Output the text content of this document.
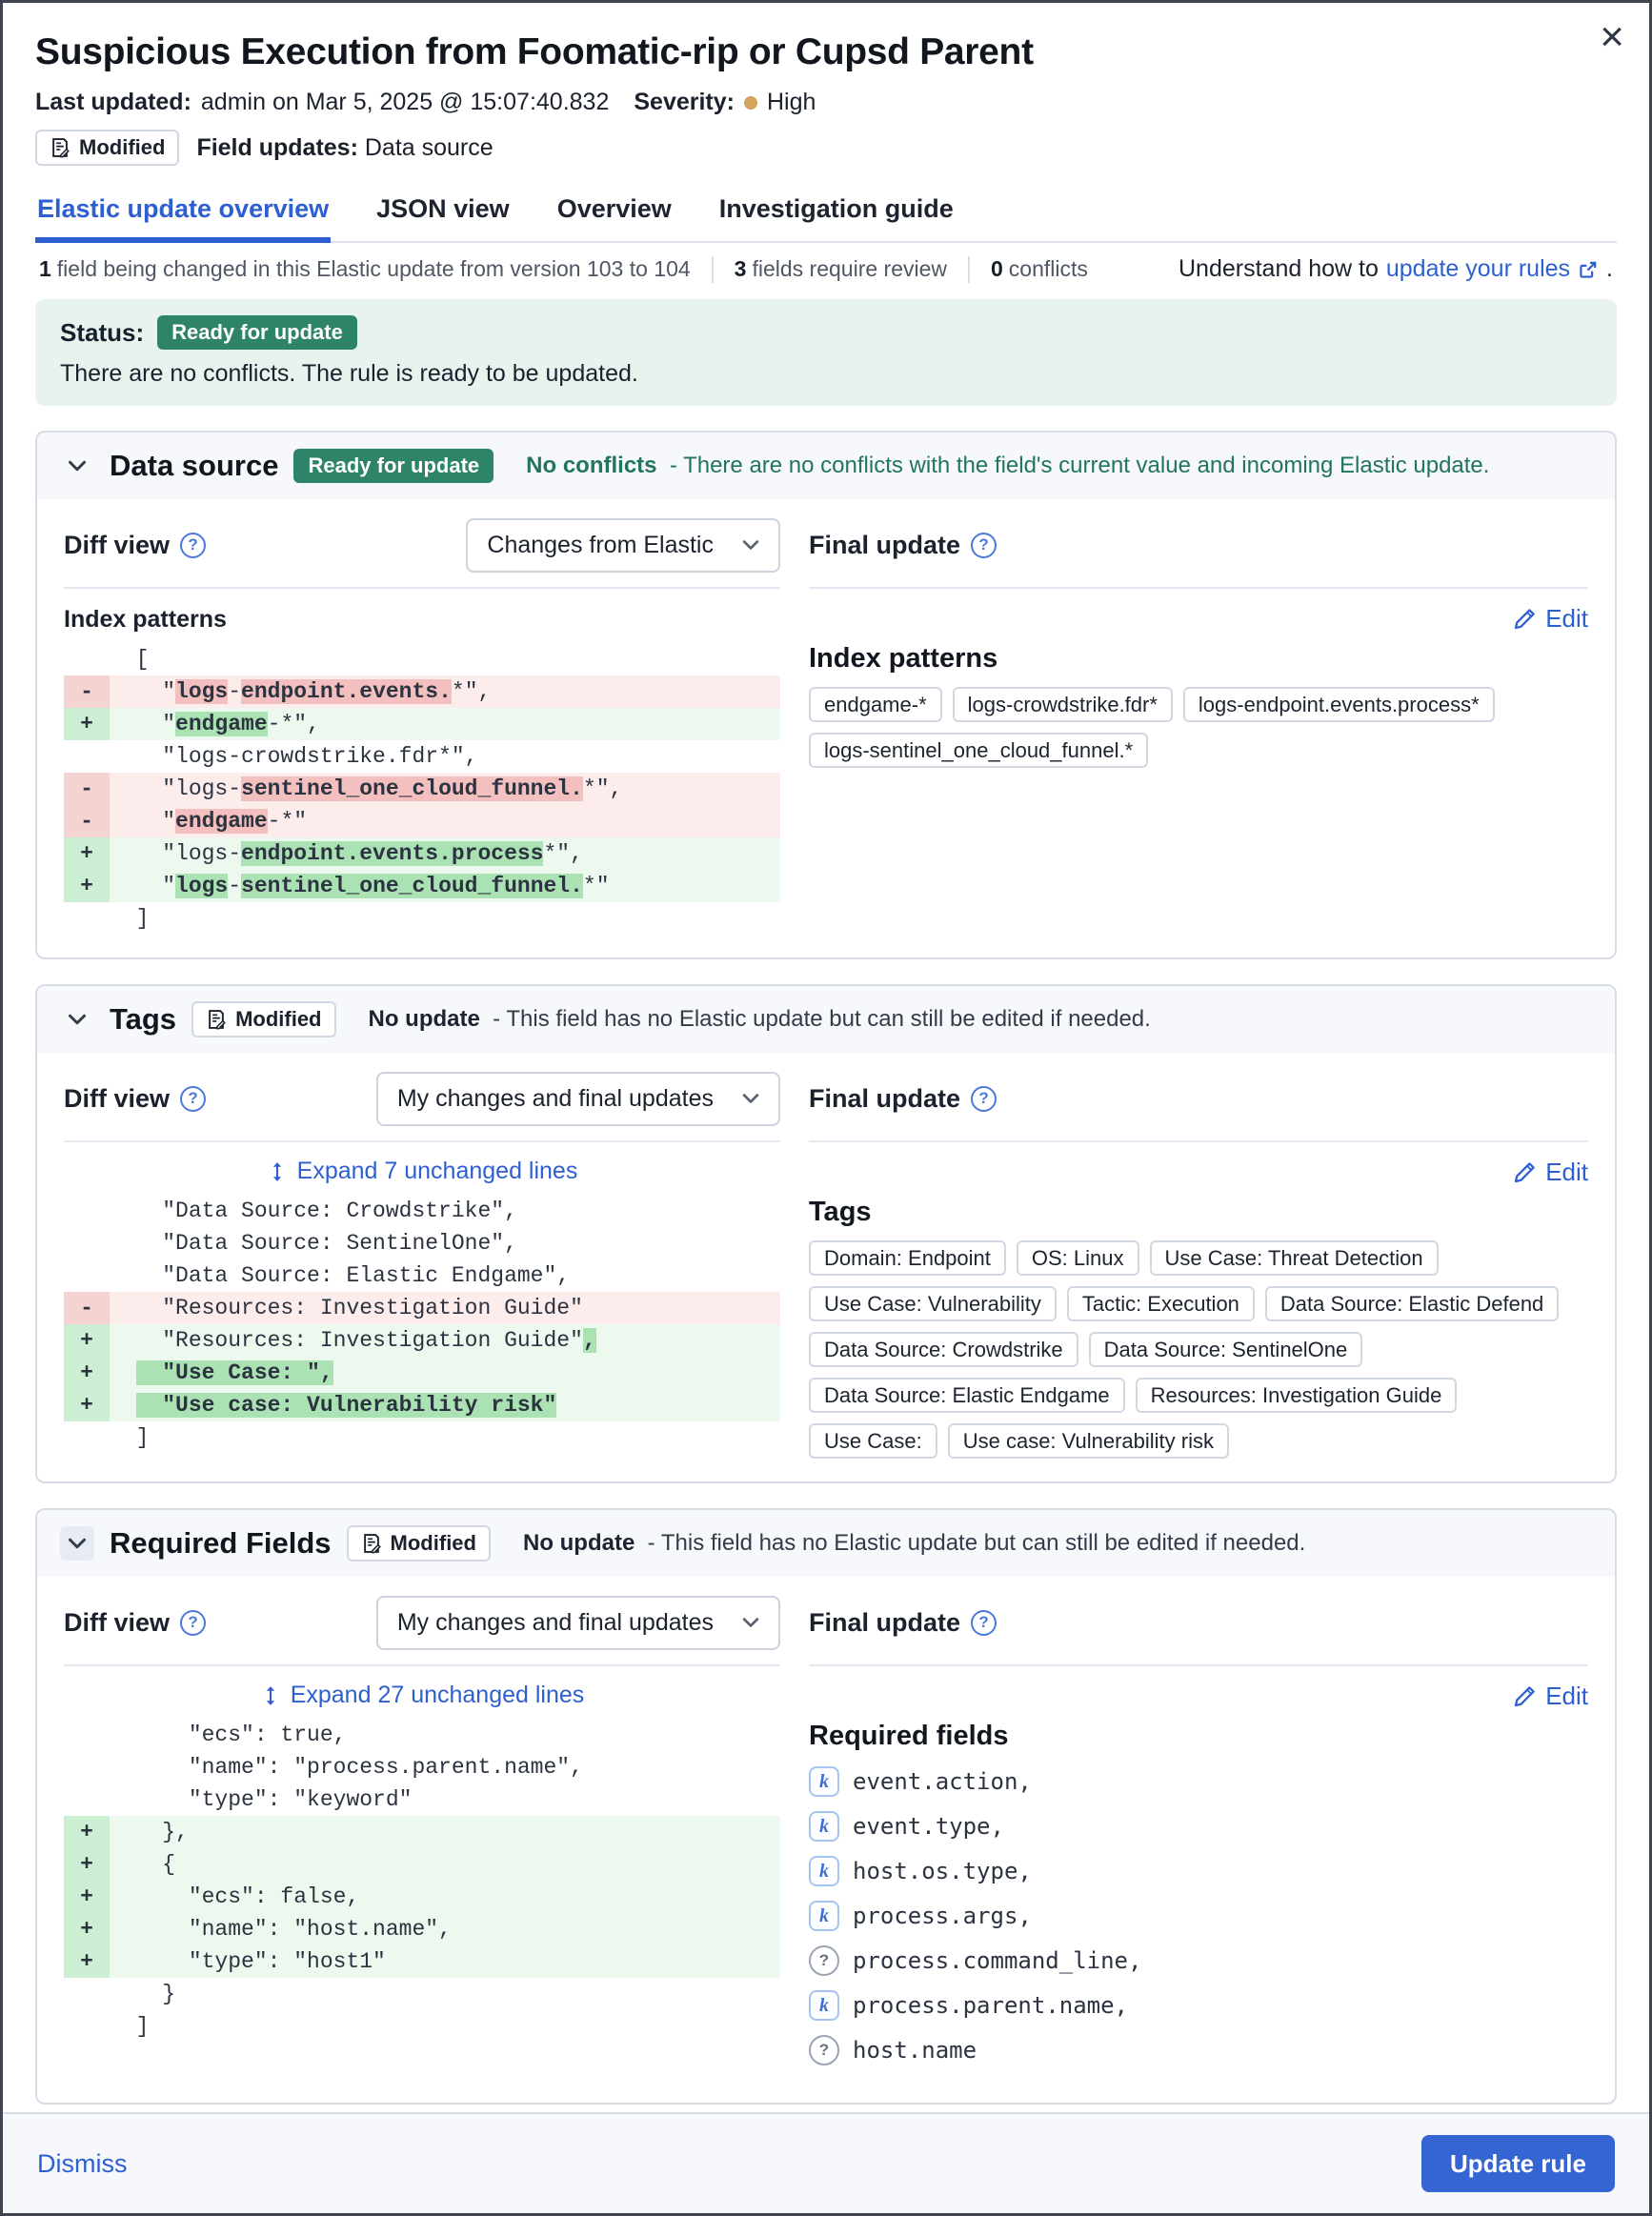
×
Suspicious Execution from Foomatic-rip or Cupsd Parent
Last updated: admin on Mar 5, 2025 @ 15:07:40.832 Severity: High
Modified Field updates: Data source
Elastic update overview JSON view Overview Investigation guide
1 field being changed in this Elastic update from version 103 to 104 3 fields require review 0 conflicts	Understand how to update your rules .
Status:	Ready for update
There are no conflicts. The rule is ready to be updated.
Data source	Ready for update	No conflicts  - There are no conflicts with the field's current value and incoming Elastic update.
Diff view	?	Changes from Elastic
Index patterns
[
- "logs-endpoint.events.*",
+ "endgame-*",
"logs-crowdstrike.fdr*",
- "logs-sentinel_one_cloud_funnel.*",
- "endgame-*"
+ "logs-endpoint.events.process*",
+ "logs-sentinel_one_cloud_funnel.*"
]
Final update	?
Edit
Index patterns
endgame-*	logs-crowdstrike.fdr*	logs-endpoint.events.process*
logs-sentinel_one_cloud_funnel.*
Tags	Modified No update  - This field has no Elastic update but can still be edited if needed.
Diff view	?	My changes and final updates
Expand 7 unchanged lines
"Data Source: Crowdstrike",
"Data Source: SentinelOne",
"Data Source: Elastic Endgame",
- "Resources: Investigation Guide"
+ "Resources: Investigation Guide",
+	"Use Case: ",
+	"Use case: Vulnerability risk"
]
Final update	?
Edit
Tags
Domain: Endpoint	OS: Linux	Use Case: Threat Detection
Use Case: Vulnerability	Tactic: Execution	Data Source: Elastic Defend
Data Source: Crowdstrike	Data Source: SentinelOne
Data Source: Elastic Endgame	Resources: Investigation Guide
Use Case:	Use case: Vulnerability risk
Required Fields	Modified No update  - This field has no Elastic update but can still be edited if needed.
Diff view	?	My changes and final updates
Expand 27 unchanged lines
"ecs": true,
"name": "process.parent.name",
"type": "keyword"
+ },
+ {
+ "ecs": false,
+ "name": "host.name",
+ "type": "host1"
}
]
Final update	?
Edit
Required fields
k	event.action,
k	event.type,
k	host.os.type,
k	process.args,
?	process.command_line,
k	process.parent.name,
?	host.name
Dismiss	Update rule
